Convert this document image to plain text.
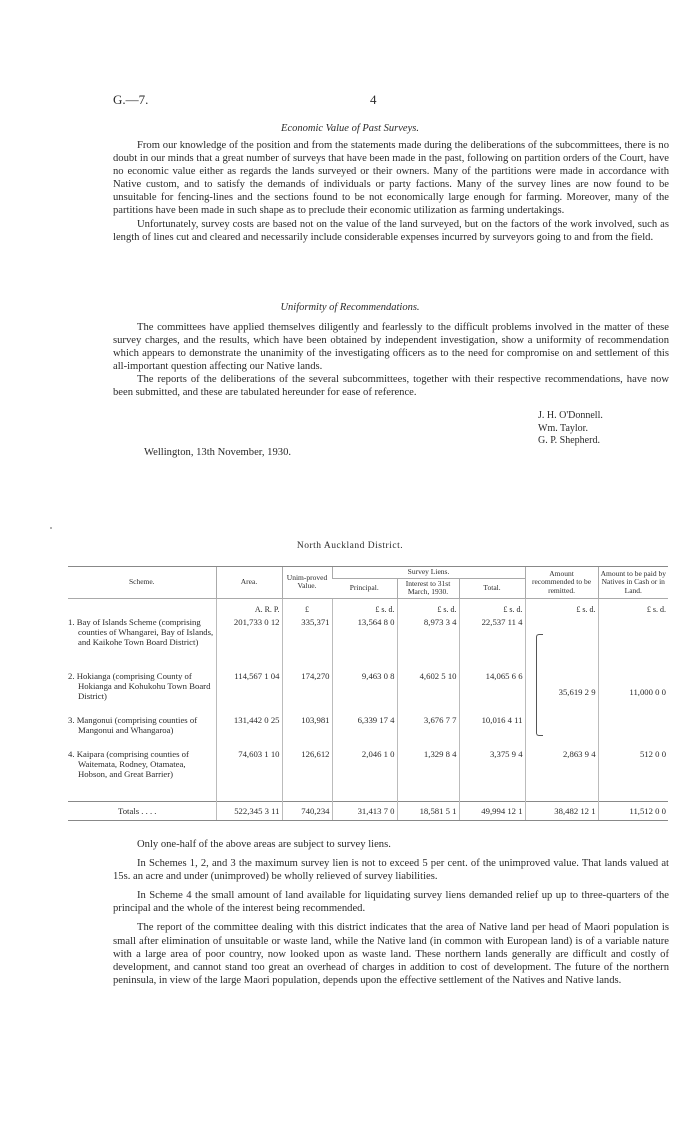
G.—7.	4
Economic Value of Past Surveys.

From our knowledge of the position and from the statements made during the deliberations of the subcommittees, there is no doubt in our minds that a great number of surveys that have been made in the past, following on partition orders of the Court, have no economic value either as regards the lands surveyed or their owners. Many of the partitions were made in accordance with Native custom, and to satisfy the demands of individuals or party factions. Many of the survey lines are now found to be unsuitable for fencing-lines and the sections found to be not economically large enough for farming. Moreover, many of the partitions have been made in such shape as to preclude their economic utilization as farming undertakings.

Unfortunately, survey costs are based not on the value of the land surveyed, but on the factors of the work involved, such as length of lines cut and cleared and necessarily include considerable expenses incurred by surveyors going to and from the field.

Uniformity of Recommendations.

The committees have applied themselves diligently and fearlessly to the difficult problems involved in the matter of these survey charges, and the results, which have been obtained by independent investigation, show a uniformity of recommendation which appears to demonstrate the unanimity of the investigating officers as to the need for compromise on and settlement of this all-important question affecting our Native lands.

The reports of the deliberations of the several subcommittees, together with their respective recommendations, have now been submitted, and these are tabulated hereunder for ease of reference.

J. H. O'Donnell.
Wm. Taylor.
G. P. Shepherd.
Wellington, 13th November, 1930.
North Auckland District.
Scheme.	Area.	Unim-proved Value.	Survey Liens.			Amount recommended to be remitted.	Amount to be paid by Natives in Cash or in Land.
			Principal.	Interest to 31st March, 1930.	Total.		
	A. R. P.	£	£ s. d.	£ s. d.	£ s. d.	£ s. d.	£ s. d.

1. Bay of Islands Scheme (comprising counties of Whangarei, Bay of Islands, and Kaikohe Town Board District)	201,733 0 12	335,371	13,564 8 0	8,973 3 4	22,537 11 4		

2. Hokianga (comprising County of Hokianga and Kohukohu Town Board District)	114,567 1 04	174,270	9,463 0 8	4,602 5 10	14,065 6 6	35,619 2 9	11,000 0 0

3. Mangonui (comprising counties of Mangonui and Whangaroa)	131,442 0 25	103,981	6,339 17 4	3,676 7 7	10,016 4 11		

4. Kaipara (comprising counties of Waitemata, Rodney, Otamatea, Hobson, and Great Barrier)	74,603 1 10	126,612	2,046 1 0	1,329 8 4	3,375 9 4	2,863 9 4	512 0 0
Totals . . . .	522,345 3 11	740,234	31,413 7 0	18,581 5 1	49,994 12 1	38,482 12 1	11,512 0 0

Only one-half of the above areas are subject to survey liens.

In Schemes 1, 2, and 3 the maximum survey lien is not to exceed 5 per cent. of the unimproved value. That lands valued at 15s. an acre and under (unimproved) be wholly relieved of survey liabilities.

In Scheme 4 the small amount of land available for liquidating survey liens demanded relief up up to three-quarters of the principal and the whole of the interest being recommended.

The report of the committee dealing with this district indicates that the area of Native land per head of Maori population is small after elimination of unsuitable or waste land, while the Native land (in common with European land) is of a variable nature with a large area of poor country, now looked upon as waste land. These northern lands generally are difficult and costly of development, and cannot stand too great an overhead of charges in addition to cost of development. The future of the northern peninsula, in view of the large Maori population, depends upon the effective settlement of the Natives and Native lands.
